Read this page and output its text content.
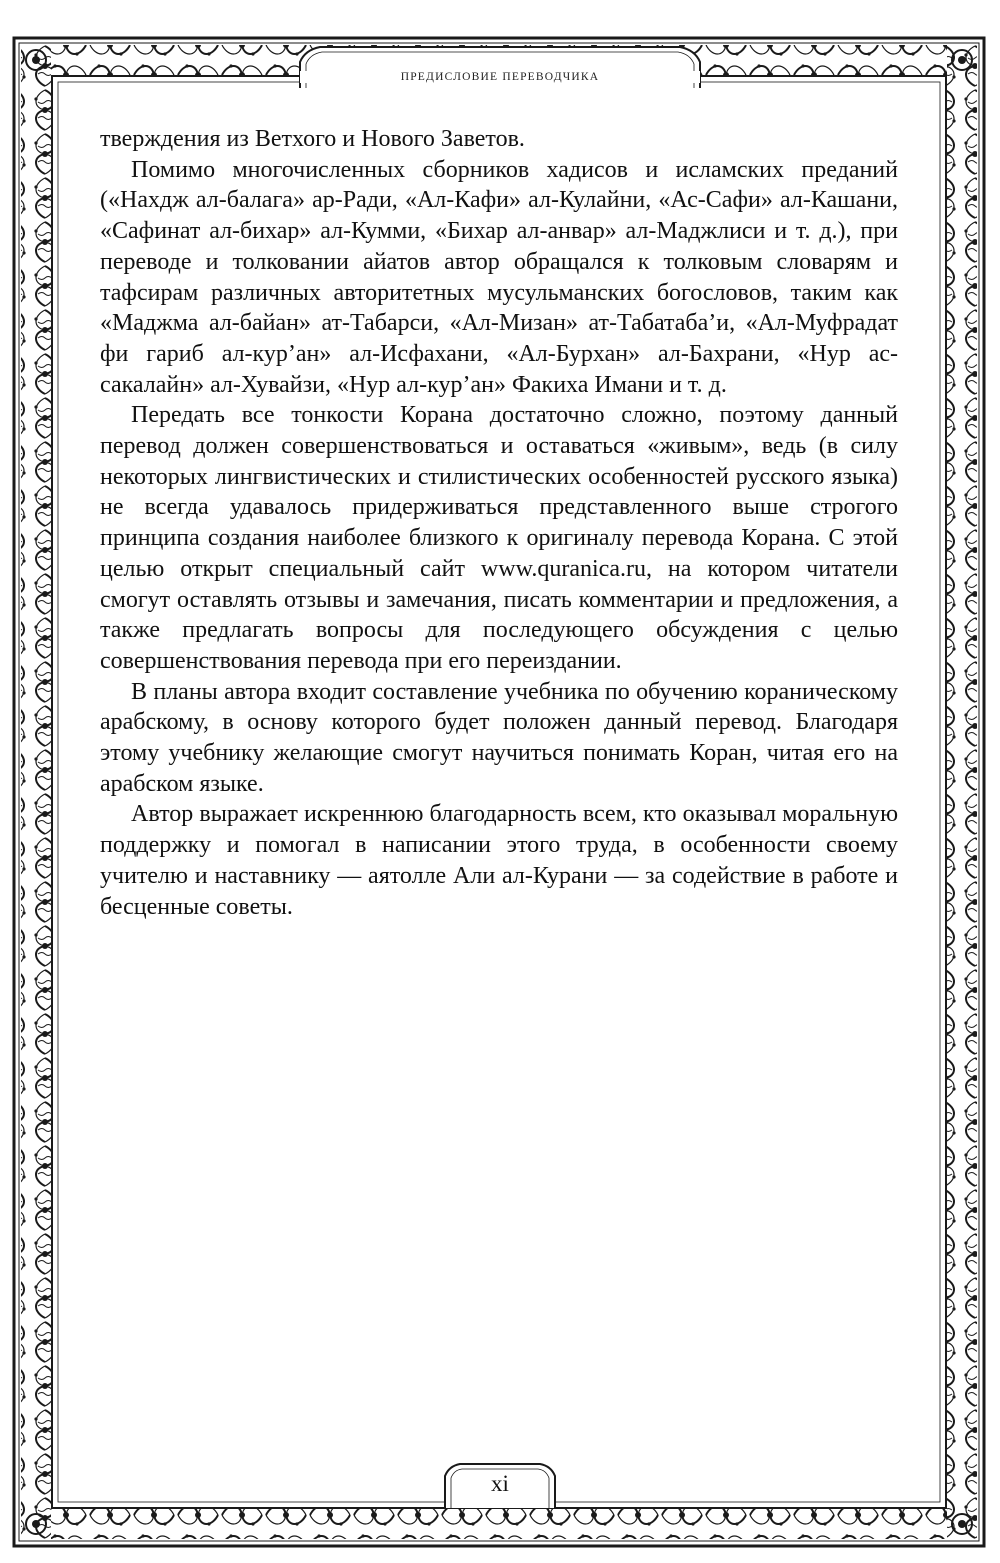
ПРЕДИСЛОВИЕ ПЕРЕВОДЧИКА

тверждения из Ветхого и Нового Заветов.

Помимо многочисленных сборников хадисов и исламских преданий («Нахдж ал-балага» ар-Ради, «Ал-Кафи» ал-Кулайни, «Ас-Сафи» ал-Кашани, «Сафинат ал-бихар» ал-Кумми, «Бихар ал-анвар» ал-Маджлиси и т. д.), при переводе и толковании айатов автор обращался к толковым словарям и тафсирам различных авторитетных мусульманских богословов, таким как «Маджма ал-байан» ат-Табарси, «Ал-Мизан» ат-Табатаба’и, «Ал-Муфрадат фи гариб ал-кур’ан» ал-Исфахани, «Ал-Бурхан» ал-Бахрани, «Нур ас-сакалайн» ал-Хувайзи, «Нур ал-кур’ан» Факиха Имани и т. д.

Передать все тонкости Корана достаточно сложно, поэтому данный перевод должен совершенствоваться и оставаться «живым», ведь (в силу некоторых лингвистических и стилистических особенностей русского языка) не всегда удавалось придерживаться представленного выше строгого принципа создания наиболее близкого к оригиналу перевода Корана. С этой целью открыт специальный сайт www.quranica.ru, на котором читатели смогут оставлять отзывы и замечания, писать комментарии и предложения, а также предлагать вопросы для последующего обсуждения с целью совершенствования перевода при его переиздании.

В планы автора входит составление учебника по обучению кораническому арабскому, в основу которого будет положен данный перевод. Благодаря этому учебнику желающие смогут научиться понимать Коран, читая его на арабском языке.

Автор выражает искреннюю благодарность всем, кто оказывал моральную поддержку и помогал в написании этого труда, в особенности своему учителю и наставнику — аятолле Али ал-Курани — за содействие в работе и бесценные советы.

xi
